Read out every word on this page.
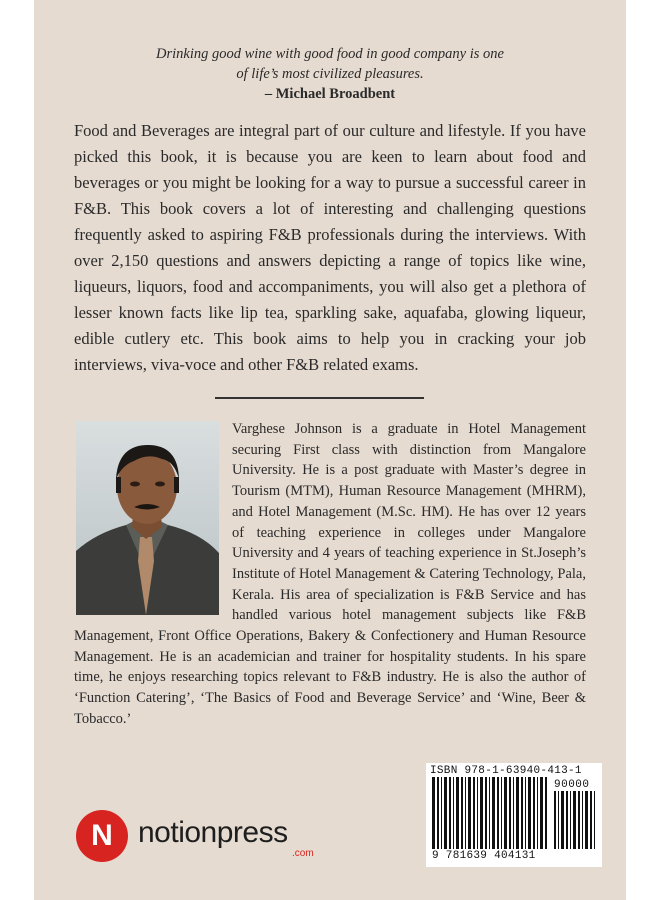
Drinking good wine with good food in good company is one
of life’s most civilized pleasures.
– Michael Broadbent
Food and Beverages are integral part of our culture and lifestyle. If you have picked this book, it is because you are keen to learn about food and beverages or you might be looking for a way to pursue a successful career in F&B. This book covers a lot of interesting and challenging questions frequently asked to aspiring F&B professionals during the interviews. With over 2,150 questions and answers depicting a range of topics like wine, liqueurs, liquors, food and accompaniments, you will also get a plethora of lesser known facts like lip tea, sparkling sake, aquafaba, glowing liqueur, edible cutlery etc. This book aims to help you in cracking your job interviews, viva-voce and other F&B related exams.
Varghese Johnson is a graduate in Hotel Management securing First class with distinction from Mangalore University. He is a post graduate with Master’s degree in Tourism (MTM), Human Resource Management (MHRM), and Hotel Management (M.Sc. HM). He has over 12 years of teaching experience in colleges under Mangalore University and 4 years of teaching experience in St.Joseph’s Institute of Hotel Management & Catering Technology, Pala, Kerala. His area of specialization is F&B Service and has handled various hotel management subjects like F&B Management, Front Office Operations, Bakery & Confectionery and Human Resource Management. He is an academician and trainer for hospitality students. In his spare time, he enjoys researching topics relevant to F&B industry. He is also the author of ‘Function Catering’, ‘The Basics of Food and Beverage Service’ and ‘Wine, Beer & Tobacco.’
N notionpress
.com
ISBN 978-1-63940-413-1
90000
9 781639 404131
